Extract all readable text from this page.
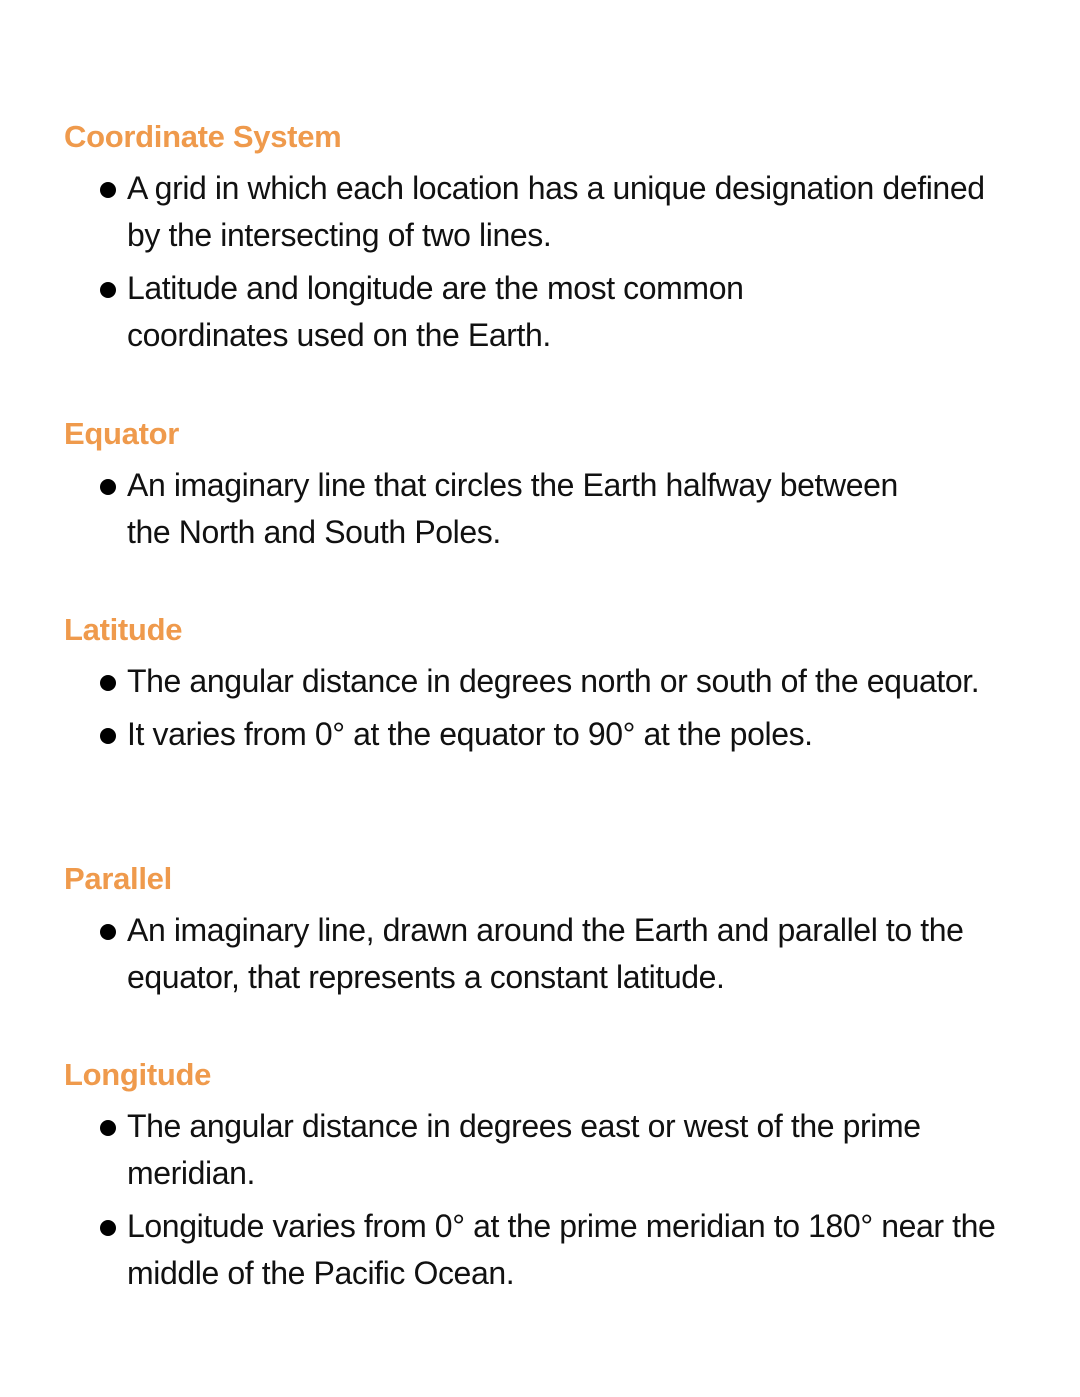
Coordinate System
A grid in which each location has a unique designation defined by the intersecting of two lines.
Latitude and longitude are the most common coordinates used on the Earth.
Equator
An imaginary line that circles the Earth halfway between the North and South Poles.
Latitude
The angular distance in degrees north or south of the equator.
It varies from 0° at the equator to 90° at the poles.
Parallel
An imaginary line, drawn around the Earth and parallel to the equator, that represents a constant latitude.
Longitude
The angular distance in degrees east or west of the prime meridian.
Longitude varies from 0° at the prime meridian to 180° near the middle of the Pacific Ocean.
